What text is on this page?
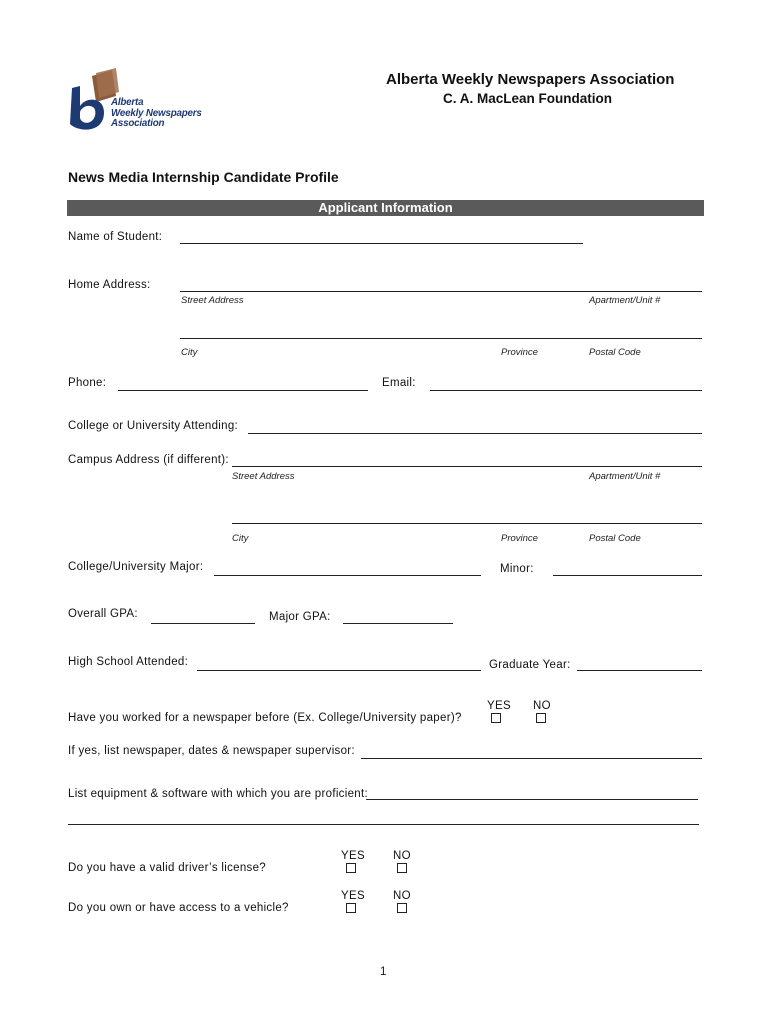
Alberta
Weekly Newspapers
Association
Alberta Weekly Newspapers Association
C. A. MacLean Foundation
News Media Internship Candidate Profile
Applicant Information
Name of Student:
Home Address:
Street Address	Apartment/Unit #
City	Province	Postal Code
Phone:	Email:
College or University Attending:
Campus Address (if different):
Street Address	Apartment/Unit #
City	Province	Postal Code
College/University Major:	Minor:
Overall GPA:	Major GPA:
High School Attended:	Graduate Year:
YES NO
Have you worked for a newspaper before (Ex. College/University paper)?
If yes, list newspaper, dates & newspaper supervisor:
List equipment & software with which you are proficient:
YES NO
Do you have a valid driver’s license?
YES NO
Do you own or have access to a vehicle?
1
